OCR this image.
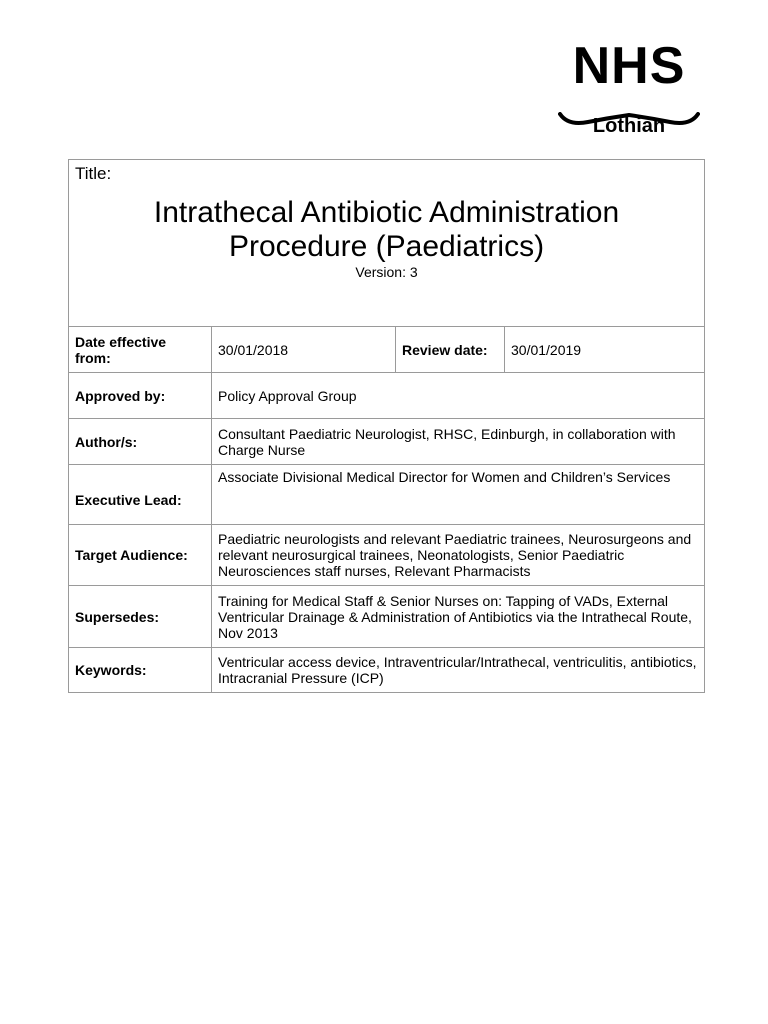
NHS
Lothian
Title:
Intrathecal Antibiotic Administration Procedure (Paediatrics)
Version: 3			

Date effective from:	30/01/2018	Review date:	30/01/2019
Approved by:	Policy Approval Group		
Author/s:	Consultant Paediatric Neurologist, RHSC, Edinburgh, in collaboration with Charge Nurse		
Executive Lead:	Associate Divisional Medical Director for Women and Children’s Services		
Target Audience:	Paediatric neurologists and relevant Paediatric trainees, Neurosurgeons and relevant neurosurgical trainees, Neonatologists, Senior Paediatric Neurosciences staff nurses, Relevant Pharmacists		
Supersedes:	Training for Medical Staff & Senior Nurses on: Tapping of VADs, External Ventricular Drainage & Administration of Antibiotics via the Intrathecal Route, Nov 2013		
Keywords:	Ventricular access device, Intraventricular/Intrathecal, ventriculitis, antibiotics, Intracranial Pressure (ICP)		
